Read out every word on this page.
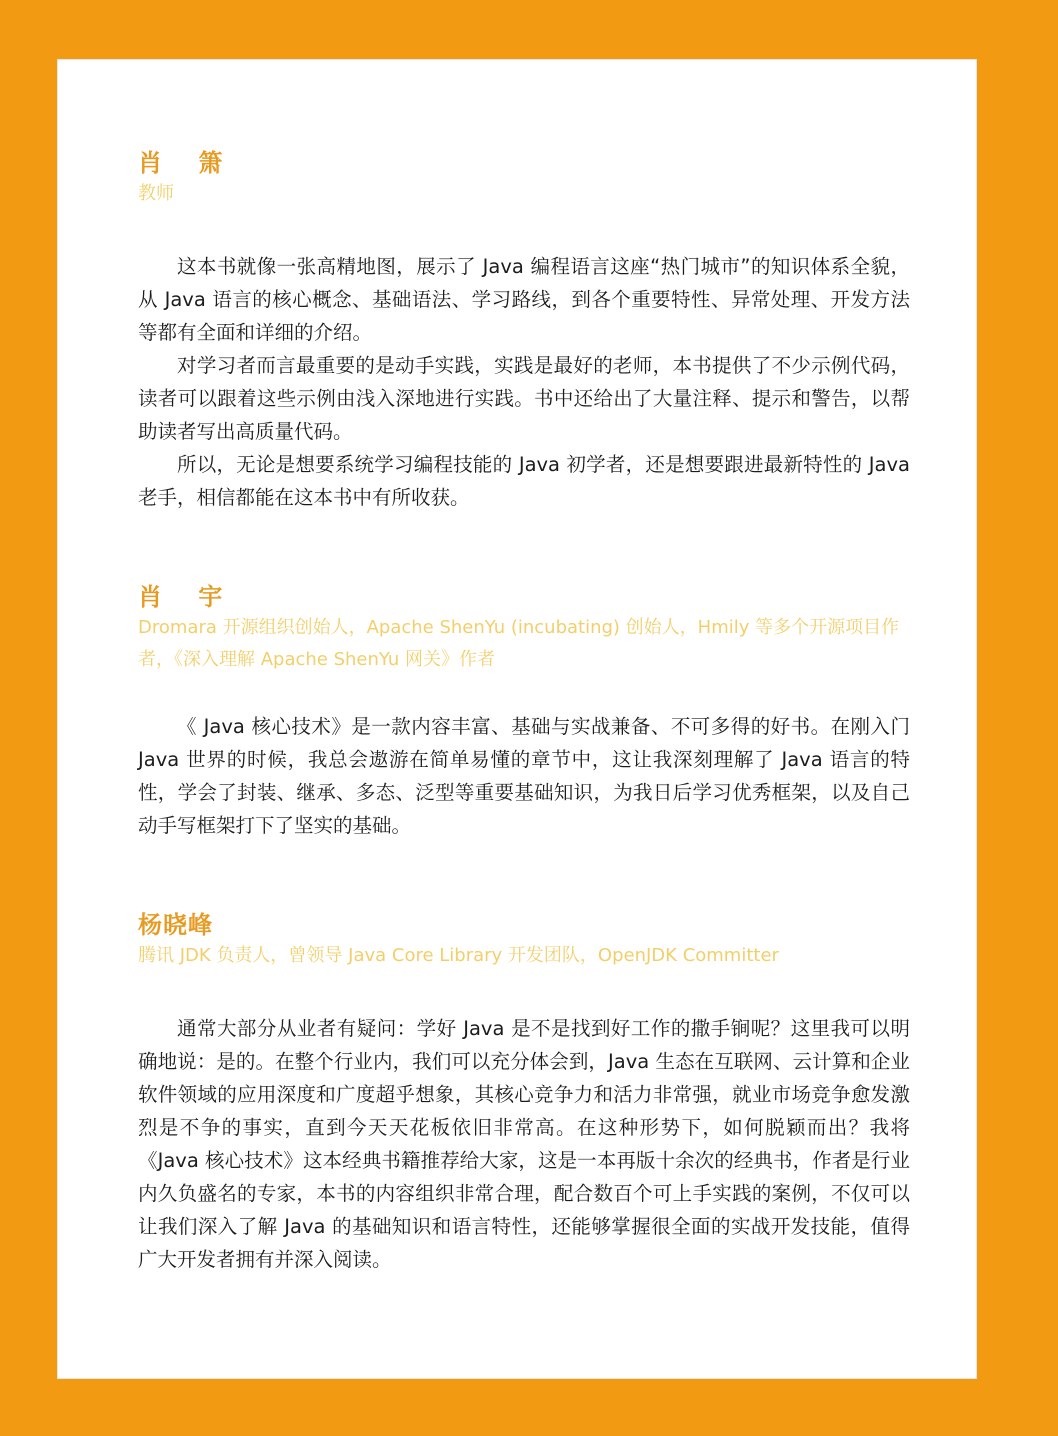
肖 箫

教师

这本书就像一张高精地图，展示了 Java 编程语言这座“热门城市”的知识体系全貌，从 Java 语言的核心概念、基础语法、学习路线，到各个重要特性、异常处理、开发方法等都有全面和详细的介绍。

对学习者而言最重要的是动手实践，实践是最好的老师，本书提供了不少示例代码，读者可以跟着这些示例由浅入深地进行实践。书中还给出了大量注释、提示和警告，以帮助读者写出高质量代码。

所以，无论是想要系统学习编程技能的 Java 初学者，还是想要跟进最新特性的 Java 老手，相信都能在这本书中有所收获。

肖 宇

Dromara 开源组织创始人，Apache ShenYu (incubating) 创始人，Hmily 等多个开源项目作者，《深入理解 Apache ShenYu 网关》作者

《 Java 核心技术》是一款内容丰富、基础与实战兼备、不可多得的好书。在刚入门 Java 世界的时候，我总会遨游在简单易懂的章节中，这让我深刻理解了 Java 语言的特性，学会了封装、继承、多态、泛型等重要基础知识，为我日后学习优秀框架，以及自己动手写框架打下了坚实的基础。

杨晓峰

腾讯 JDK 负责人，曾领导 Java Core Library 开发团队，OpenJDK Committer

通常大部分从业者有疑问：学好 Java 是不是找到好工作的撒手锏呢？这里我可以明确地说：是的。在整个行业内，我们可以充分体会到，Java 生态在互联网、云计算和企业软件领域的应用深度和广度超乎想象，其核心竞争力和活力非常强，就业市场竞争愈发激烈是不争的事实，直到今天天花板依旧非常高。在这种形势下，如何脱颖而出？我将《Java 核心技术》这本经典书籍推荐给大家，这是一本再版十余次的经典书，作者是行业内久负盛名的专家，本书的内容组织非常合理，配合数百个可上手实践的案例，不仅可以让我们深入了解 Java 的基础知识和语言特性，还能够掌握很全面的实战开发技能，值得广大开发者拥有并深入阅读。
